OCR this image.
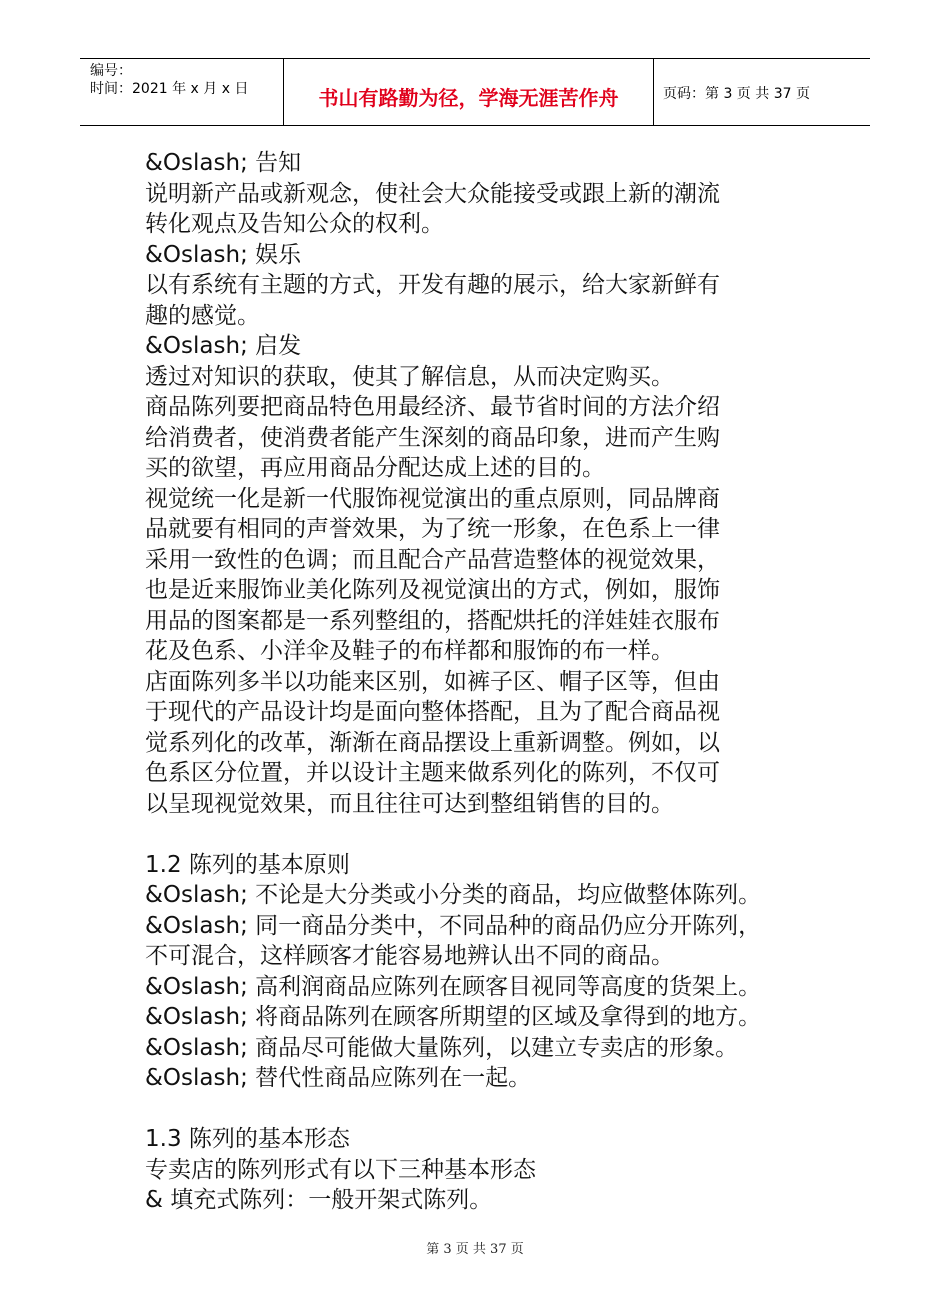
编号：
时间：2021 年 x 月 x 日	书山有路勤为径，学海无涯苦作舟	页码：第 3 页 共 37 页

&Oslash; 告知

说明新产品或新观念，使社会大众能接受或跟上新的潮流

转化观点及告知公众的权利。

&Oslash; 娱乐

以有系统有主题的方式，开发有趣的展示，给大家新鲜有

趣的感觉。

&Oslash; 启发

透过对知识的获取，使其了解信息，从而决定购买。

商品陈列要把商品特色用最经济、最节省时间的方法介绍

给消费者，使消费者能产生深刻的商品印象，进而产生购

买的欲望，再应用商品分配达成上述的目的。

视觉统一化是新一代服饰视觉演出的重点原则，同品牌商

品就要有相同的声誉效果，为了统一形象，在色系上一律

采用一致性的色调；而且配合产品营造整体的视觉效果，

也是近来服饰业美化陈列及视觉演出的方式，例如，服饰

用品的图案都是一系列整组的，搭配烘托的洋娃娃衣服布

花及色系、小洋伞及鞋子的布样都和服饰的布一样。

店面陈列多半以功能来区别，如裤子区、帽子区等，但由

于现代的产品设计均是面向整体搭配，且为了配合商品视

觉系列化的改革，渐渐在商品摆设上重新调整。例如，以

色系区分位置，并以设计主题来做系列化的陈列，不仅可

以呈现视觉效果，而且往往可达到整组销售的目的。

1.2 陈列的基本原则

&Oslash; 不论是大分类或小分类的商品，均应做整体陈列。

&Oslash; 同一商品分类中，不同品种的商品仍应分开陈列，

不可混合，这样顾客才能容易地辨认出不同的商品。

&Oslash; 高利润商品应陈列在顾客目视同等高度的货架上。

&Oslash; 将商品陈列在顾客所期望的区域及拿得到的地方。

&Oslash; 商品尽可能做大量陈列，以建立专卖店的形象。

&Oslash; 替代性商品应陈列在一起。

1.3 陈列的基本形态

专卖店的陈列形式有以下三种基本形态

& 填充式陈列：一般开架式陈列。

第 3 页 共 37 页
